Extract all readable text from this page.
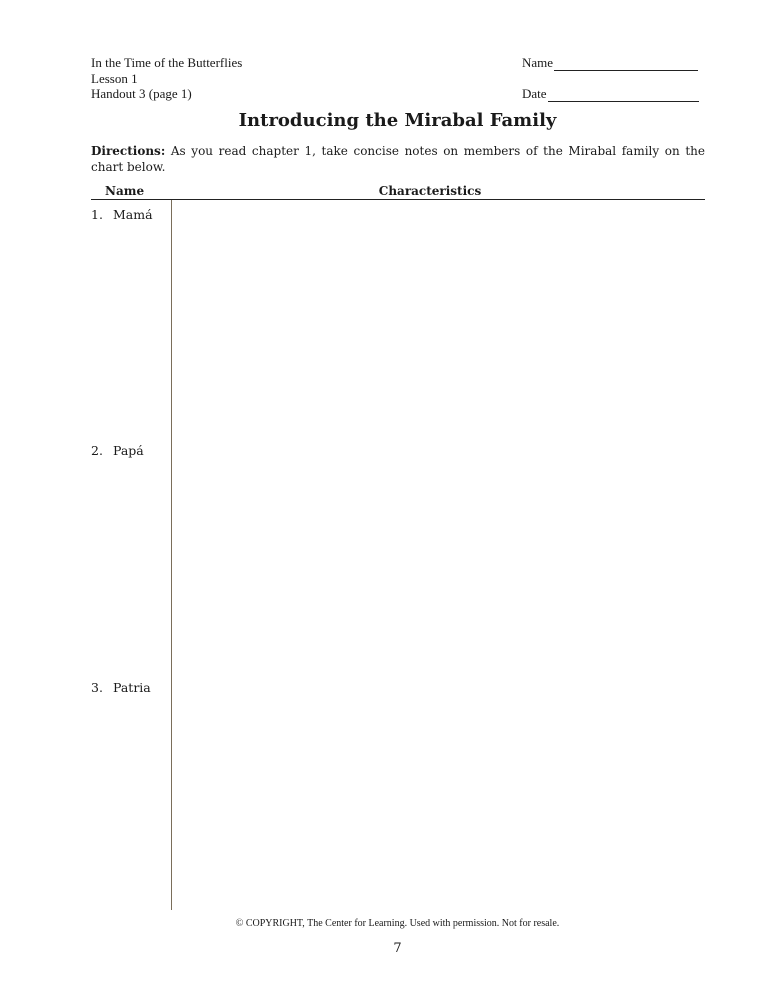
In the Time of the Butterflies
Lesson 1
Handout 3 (page 1)
Name
Date
Introducing the Mirabal Family
Directions: As you read chapter 1, take concise notes on members of the Mirabal family on the chart below.
Name	Characteristics
1. Mamá
2. Papá
3. Patria
© COPYRIGHT, The Center for Learning. Used with permission. Not for resale.
7
